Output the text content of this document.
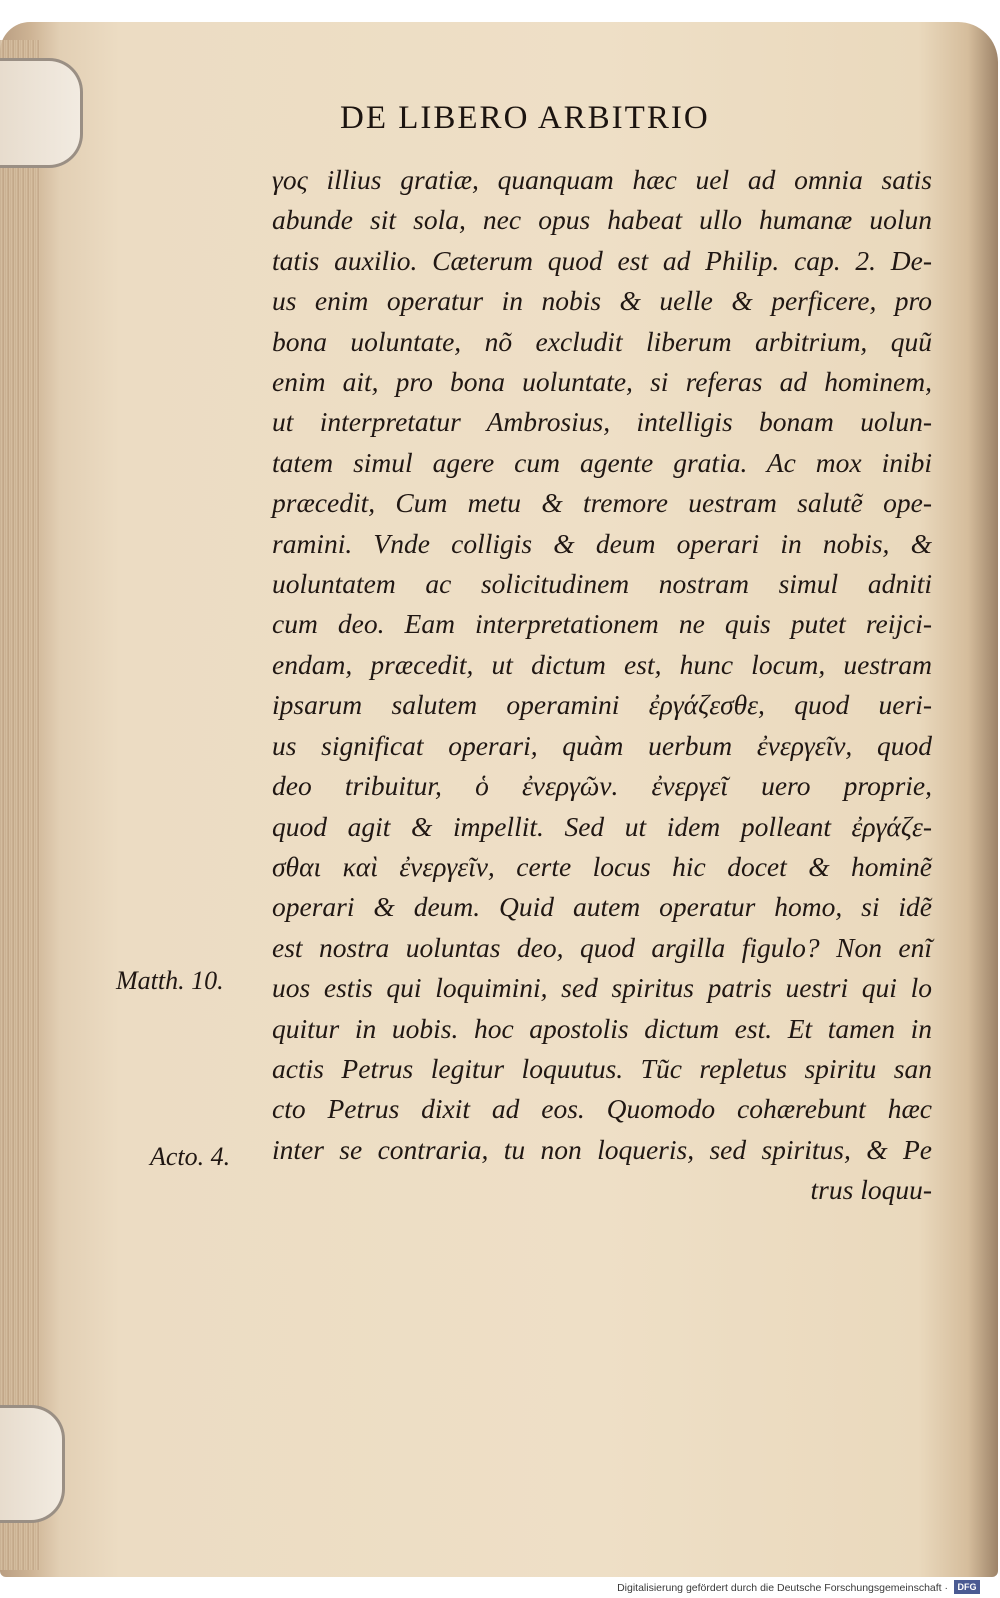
DE LIBERO ARBITRIO
γος illius gratiæ, quanquam hæc uel ad omnia satis
abunde sit sola, nec opus habeat ullo humanæ uolun
tatis auxilio. Cæterum quod est ad Philip. cap. 2. De-
us enim operatur in nobis & uelle & perficere, pro
bona uoluntate, nõ excludit liberum arbitrium, quũ
enim ait, pro bona uoluntate, si referas ad hominem,
ut interpretatur Ambrosius, intelligis bonam uolun-
tatem simul agere cum agente gratia. Ac mox inibi
præcedit, Cum metu & tremore uestram salutẽ ope-
ramini. Vnde colligis & deum operari in nobis, &
uoluntatem ac solicitudinem nostram simul adniti
cum deo. Eam interpretationem ne quis putet reijci-
endam, præcedit, ut dictum est, hunc locum, uestram
ipsarum salutem operamini ἐργάζεσθε, quod ueri-
us significat operari, quàm uerbum ἐνεργεῖν, quod
deo tribuitur, ὁ ἐνεργῶν. ἐνεργεῖ uero proprie,
quod agit & impellit. Sed ut idem polleant ἐργάζε-
σθαι καὶ ἐνεργεῖν, certe locus hic docet & hominẽ
operari & deum. Quid autem operatur homo, si idẽ
est nostra uoluntas deo, quod argilla figulo? Non enĩ
uos estis qui loquimini, sed spiritus patris uestri qui lo
quitur in uobis. hoc apostolis dictum est. Et tamen in
actis Petrus legitur loquutus. Tũc repletus spiritu san
cto Petrus dixit ad eos. Quomodo cohærebunt hæc
inter se contraria, tu non loqueris, sed spiritus, & Pe
trus loquu-
Matth. 10.
Acto. 4.
Digitalisierung gefördert durch die Deutsche Forschungsgemeinschaft ·	DFG
